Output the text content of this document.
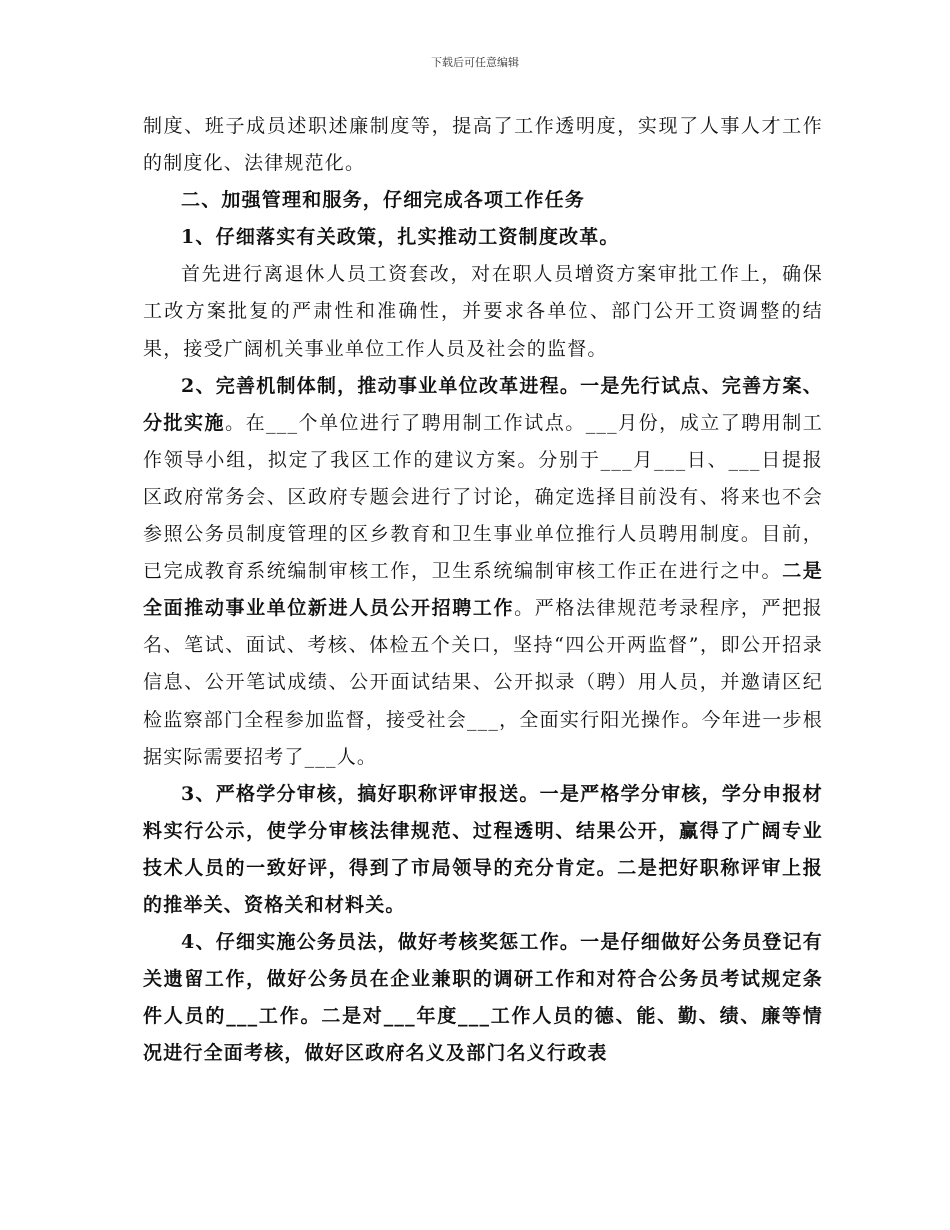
下载后可任意编辑

制度、班子成员述职述廉制度等，提高了工作透明度，实现了人事人才工作的制度化、法律规范化。

二、加强管理和服务，仔细完成各项工作任务

1、仔细落实有关政策，扎实推动工资制度改革。

首先进行离退休人员工资套改，对在职人员增资方案审批工作上，确保工改方案批复的严肃性和准确性，并要求各单位、部门公开工资调整的结果，接受广阔机关事业单位工作人员及社会的监督。

2、完善机制体制，推动事业单位改革进程。一是先行试点、完善方案、分批实施。在___个单位进行了聘用制工作试点。___月份，成立了聘用制工作领导小组，拟定了我区工作的建议方案。分别于___月___日、___日提报区政府常务会、区政府专题会进行了讨论，确定选择目前没有、将来也不会参照公务员制度管理的区乡教育和卫生事业单位推行人员聘用制度。目前，已完成教育系统编制审核工作，卫生系统编制审核工作正在进行之中。二是全面推动事业单位新进人员公开招聘工作。严格法律规范考录程序，严把报名、笔试、面试、考核、体检五个关口，坚持“四公开两监督”，即公开招录信息、公开笔试成绩、公开面试结果、公开拟录（聘）用人员，并邀请区纪检监察部门全程参加监督，接受社会___，全面实行阳光操作。今年进一步根据实际需要招考了___人。

3、严格学分审核，搞好职称评审报送。一是严格学分审核，学分申报材料实行公示，使学分审核法律规范、过程透明、结果公开，赢得了广阔专业技术人员的一致好评，得到了市局领导的充分肯定。二是把好职称评审上报的推举关、资格关和材料关。

4、仔细实施公务员法，做好考核奖惩工作。一是仔细做好公务员登记有关遗留工作，做好公务员在企业兼职的调研工作和对符合公务员考试规定条件人员的___工作。二是对___年度___工作人员的德、能、勤、绩、廉等情况进行全面考核，做好区政府名义及部门名义行政表
